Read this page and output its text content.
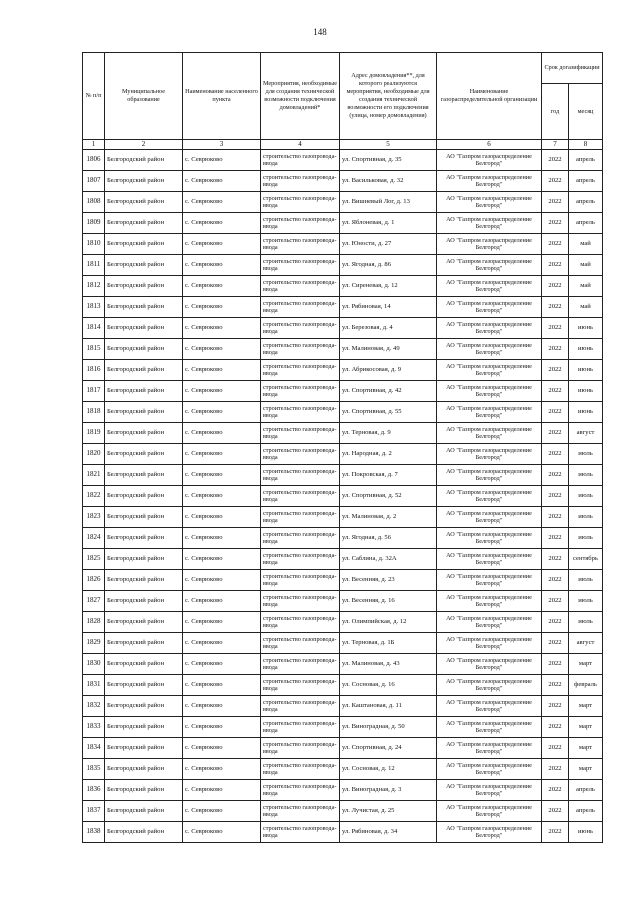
148
№ п/п	Муниципальное образование	Наименование населенного пункта	Мероприятия, необходимые для создания технической возможности подключения домовладений*	Адрес домовладения**, для которого реализуются мероприятия, необходимые для создания технической возможности его подключения (улица, номер домовладения)	Наименование газораспределительной организации	Срок догазификации	
						год	месяц
1	2	3	4	5	6	7	8
1806	Белгородский район	с. Севрюково	строительство газопровода-ввода	ул. Спортивная, д. 35	АО "Газпром газораспределение Белгород"	2022	апрель
1807	Белгородский район	с. Севрюково	строительство газопровода-ввода	ул. Васильковая, д. 32	АО "Газпром газораспределение Белгород"	2022	апрель
1808	Белгородский район	с. Севрюково	строительство газопровода-ввода	ул. Вишневый Лог, д. 13	АО "Газпром газораспределение Белгород"	2022	апрель
1809	Белгородский район	с. Севрюково	строительство газопровода-ввода	ул. Яблоневая, д. 1	АО "Газпром газораспределение Белгород"	2022	апрель
1810	Белгородский район	с. Севрюково	строительство газопровода-ввода	ул. Юности, д. 27	АО "Газпром газораспределение Белгород"	2022	май
1811	Белгородский район	с. Севрюково	строительство газопровода-ввода	ул. Ягодная, д. 86	АО "Газпром газораспределение Белгород"	2022	май
1812	Белгородский район	с. Севрюково	строительство газопровода-ввода	ул. Сиреневая, д. 12	АО "Газпром газораспределение Белгород"	2022	май
1813	Белгородский район	с. Севрюково	строительство газопровода-ввода	ул. Рябиновая, 14	АО "Газпром газораспределение Белгород"	2022	май
1814	Белгородский район	с. Севрюково	строительство газопровода-ввода	ул. Березовая, д. 4	АО "Газпром газораспределение Белгород"	2022	июнь
1815	Белгородский район	с. Севрюково	строительство газопровода-ввода	ул. Малиновая, д. 49	АО "Газпром газораспределение Белгород"	2022	июнь
1816	Белгородский район	с. Севрюково	строительство газопровода-ввода	ул. Абрикосовая, д. 9	АО "Газпром газораспределение Белгород"	2022	июнь
1817	Белгородский район	с. Севрюково	строительство газопровода-ввода	ул. Спортивная, д. 42	АО "Газпром газораспределение Белгород"	2022	июнь
1818	Белгородский район	с. Севрюково	строительство газопровода-ввода	ул. Спортивная, д. 55	АО "Газпром газораспределение Белгород"	2022	июнь
1819	Белгородский район	с. Севрюково	строительство газопровода-ввода	ул. Терновая, д. 9	АО "Газпром газораспределение Белгород"	2022	август
1820	Белгородский район	с. Севрюково	строительство газопровода-ввода	ул. Народная, д. 2	АО "Газпром газораспределение Белгород"	2022	июль
1821	Белгородский район	с. Севрюково	строительство газопровода-ввода	ул. Покровская, д. 7	АО "Газпром газораспределение Белгород"	2022	июль
1822	Белгородский район	с. Севрюково	строительство газопровода-ввода	ул. Спортивная, д. 52	АО "Газпром газораспределение Белгород"	2022	июль
1823	Белгородский район	с. Севрюково	строительство газопровода-ввода	ул. Малиновая, д. 2	АО "Газпром газораспределение Белгород"	2022	июль
1824	Белгородский район	с. Севрюково	строительство газопровода-ввода	ул. Ягодная, д. 56	АО "Газпром газораспределение Белгород"	2022	июль
1825	Белгородский район	с. Севрюково	строительство газопровода-ввода	ул. Саблина, д. 32А	АО "Газпром газораспределение Белгород"	2022	сентябрь
1826	Белгородский район	с. Севрюково	строительство газопровода-ввода	ул. Весенняя, д. 23	АО "Газпром газораспределение Белгород"	2022	июль
1827	Белгородский район	с. Севрюково	строительство газопровода-ввода	ул. Весенняя, д. 16	АО "Газпром газораспределение Белгород"	2022	июль
1828	Белгородский район	с. Севрюково	строительство газопровода-ввода	ул. Олимпийская, д. 12	АО "Газпром газораспределение Белгород"	2022	июль
1829	Белгородский район	с. Севрюково	строительство газопровода-ввода	ул. Терновая, д. 1Б	АО "Газпром газораспределение Белгород"	2022	август
1830	Белгородский район	с. Севрюково	строительство газопровода-ввода	ул. Малиновая, д. 43	АО "Газпром газораспределение Белгород"	2022	март
1831	Белгородский район	с. Севрюково	строительство газопровода-ввода	ул. Сосновая, д. 16	АО "Газпром газораспределение Белгород"	2022	февраль
1832	Белгородский район	с. Севрюково	строительство газопровода-ввода	ул. Каштановая, д. 11	АО "Газпром газораспределение Белгород"	2022	март
1833	Белгородский район	с. Севрюково	строительство газопровода-ввода	ул. Виноградная, д. 50	АО "Газпром газораспределение Белгород"	2022	март
1834	Белгородский район	с. Севрюково	строительство газопровода-ввода	ул. Спортивная, д. 24	АО "Газпром газораспределение Белгород"	2022	март
1835	Белгородский район	с. Севрюково	строительство газопровода-ввода	ул. Сосновая, д. 12	АО "Газпром газораспределение Белгород"	2022	март
1836	Белгородский район	с. Севрюково	строительство газопровода-ввода	ул. Виноградная, д. 3	АО "Газпром газораспределение Белгород"	2022	апрель
1837	Белгородский район	с. Севрюково	строительство газопровода-ввода	ул. Лучистая, д. 25	АО "Газпром газораспределение Белгород"	2022	апрель
1838	Белгородский район	с. Севрюково	строительство газопровода-ввода	ул. Рябиновая, д. 34	АО "Газпром газораспределение Белгород"	2022	июнь
